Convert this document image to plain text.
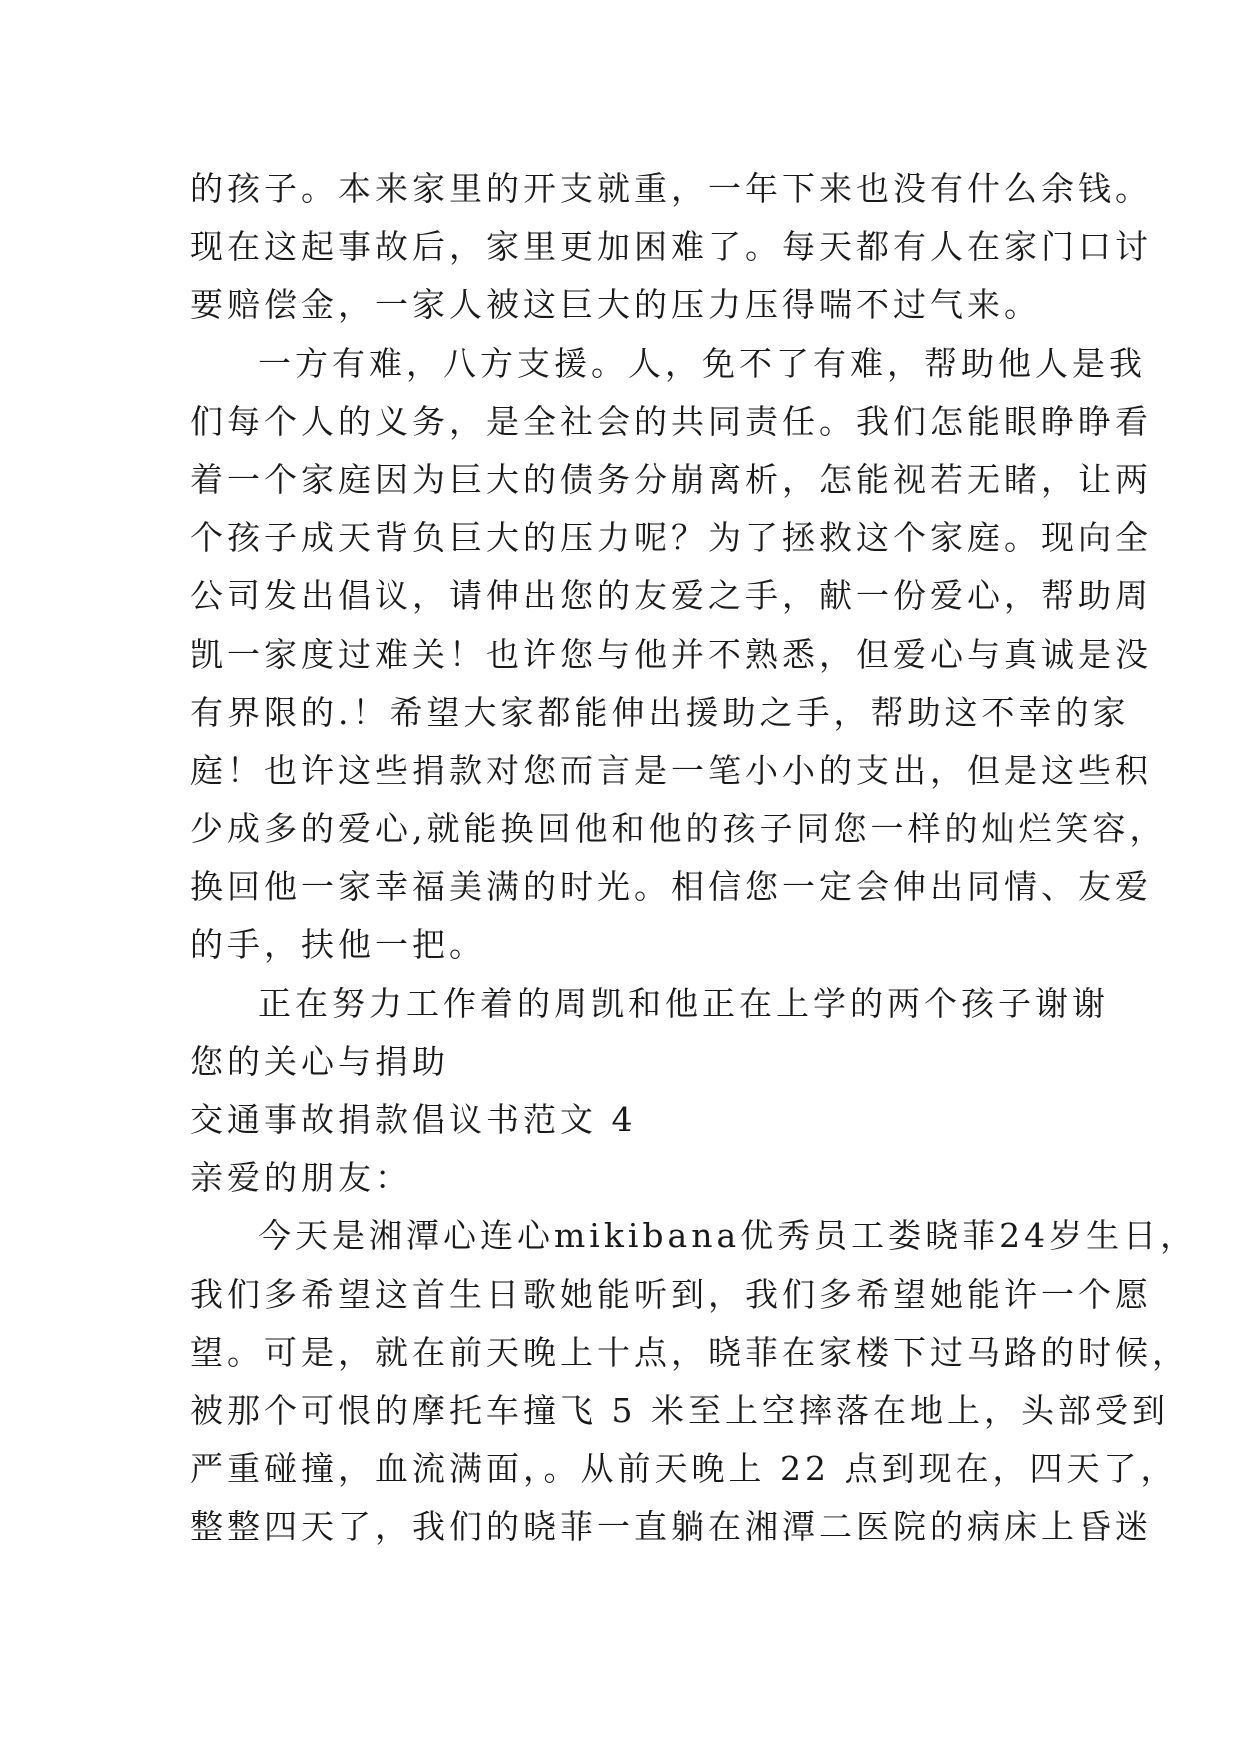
的孩子。本来家里的开支就重，一年下来也没有什么余钱。
现在这起事故后，家里更加困难了。每天都有人在家门口讨
要赔偿金，一家人被这巨大的压力压得喘不过气来。
一方有难，八方支援。人，免不了有难，帮助他人是我
们每个人的义务，是全社会的共同责任。我们怎能眼睁睁看
着一个家庭因为巨大的债务分崩离析，怎能视若无睹，让两
个孩子成天背负巨大的压力呢？为了拯救这个家庭。现向全
公司发出倡议，请伸出您的友爱之手，献一份爱心，帮助周
凯一家度过难关！也许您与他并不熟悉，但爱心与真诚是没
有界限的.！希望大家都能伸出援助之手，帮助这不幸的家
庭！也许这些捐款对您而言是一笔小小的支出，但是这些积
少成多的爱心,就能换回他和他的孩子同您一样的灿烂笑容，
换回他一家幸福美满的时光。相信您一定会伸出同情、友爱
的手，扶他一把。
正在努力工作着的周凯和他正在上学的两个孩子谢谢
您的关心与捐助
交通事故捐款倡议书范文 4
亲爱的朋友：
今天是湘潭心连心mikibana优秀员工娄晓菲24岁生日，
我们多希望这首生日歌她能听到，我们多希望她能许一个愿
望。可是，就在前天晚上十点，晓菲在家楼下过马路的时候，
被那个可恨的摩托车撞飞 5 米至上空摔落在地上，头部受到
严重碰撞，血流满面，。从前天晚上 22 点到现在，四天了，
整整四天了，我们的晓菲一直躺在湘潭二医院的病床上昏迷
